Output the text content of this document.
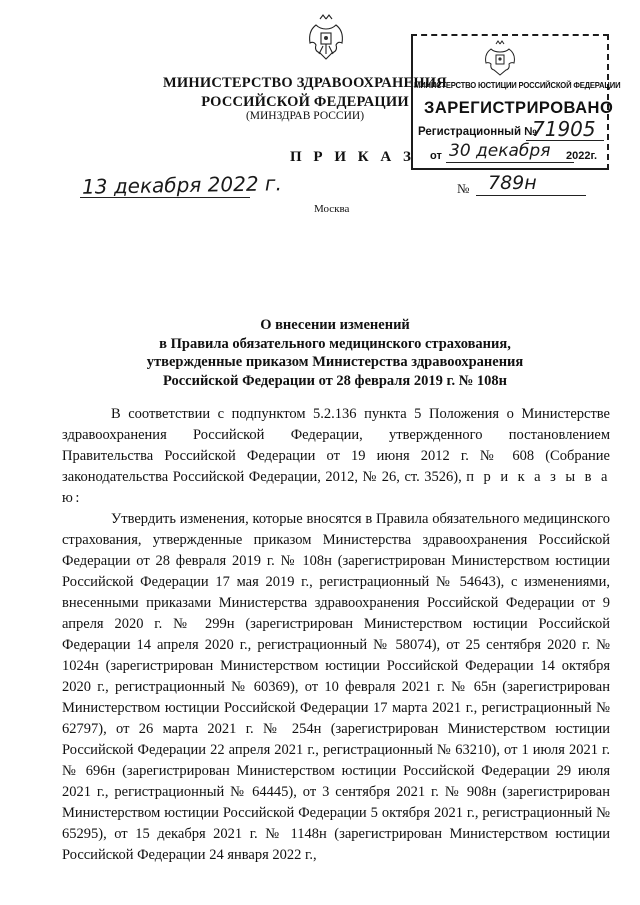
МИНИСТЕРСТВО ЗДРАВООХРАНЕНИЯ
РОССИЙСКОЙ ФЕДЕРАЦИИ
(МИНЗДРАВ РОССИИ)
П Р И К А З
13 декабря 2022 г.
Москва
№ 789н
МИНИСТЕРСТВО ЮСТИЦИИ РОССИЙСКОЙ ФЕДЕРАЦИИ
ЗАРЕГИСТРИРОВАНО
Регистрационный №
71905
от 30 декабря 2022г.
О внесении изменений
в Правила обязательного медицинского страхования,
утвержденные приказом Министерства здравоохранения
Российской Федерации от 28 февраля 2019 г. № 108н

В соответствии с подпунктом 5.2.136 пункта 5 Положения о Министерстве здравоохранения Российской Федерации, утвержденного постановлением Правительства Российской Федерации от 19 июня 2012 г. № 608 (Собрание законодательства Российской Федерации, 2012, № 26, ст. 3526), п р и к а з ы в а ю:

Утвердить изменения, которые вносятся в Правила обязательного медицинского страхования, утвержденные приказом Министерства здравоохранения Российской Федерации от 28 февраля 2019 г. № 108н (зарегистрирован Министерством юстиции Российской Федерации 17 мая 2019 г., регистрационный № 54643), с изменениями, внесенными приказами Министерства здравоохранения Российской Федерации от 9 апреля 2020 г. № 299н (зарегистрирован Министерством юстиции Российской Федерации 14 апреля 2020 г., регистрационный № 58074), от 25 сентября 2020 г. № 1024н (зарегистрирован Министерством юстиции Российской Федерации 14 октября 2020 г., регистрационный № 60369), от 10 февраля 2021 г. № 65н (зарегистрирован Министерством юстиции Российской Федерации 17 марта 2021 г., регистрационный № 62797), от 26 марта 2021 г. № 254н (зарегистрирован Министерством юстиции Российской Федерации 22 апреля 2021 г., регистрационный № 63210), от 1 июля 2021 г. № 696н (зарегистрирован Министерством юстиции Российской Федерации 29 июля 2021 г., регистрационный № 64445), от 3 сентября 2021 г. № 908н (зарегистрирован Министерством юстиции Российской Федерации 5 октября 2021 г., регистрационный № 65295), от 15 декабря 2021 г. № 1148н (зарегистрирован Министерством юстиции Российской Федерации 24 января 2022 г.,
